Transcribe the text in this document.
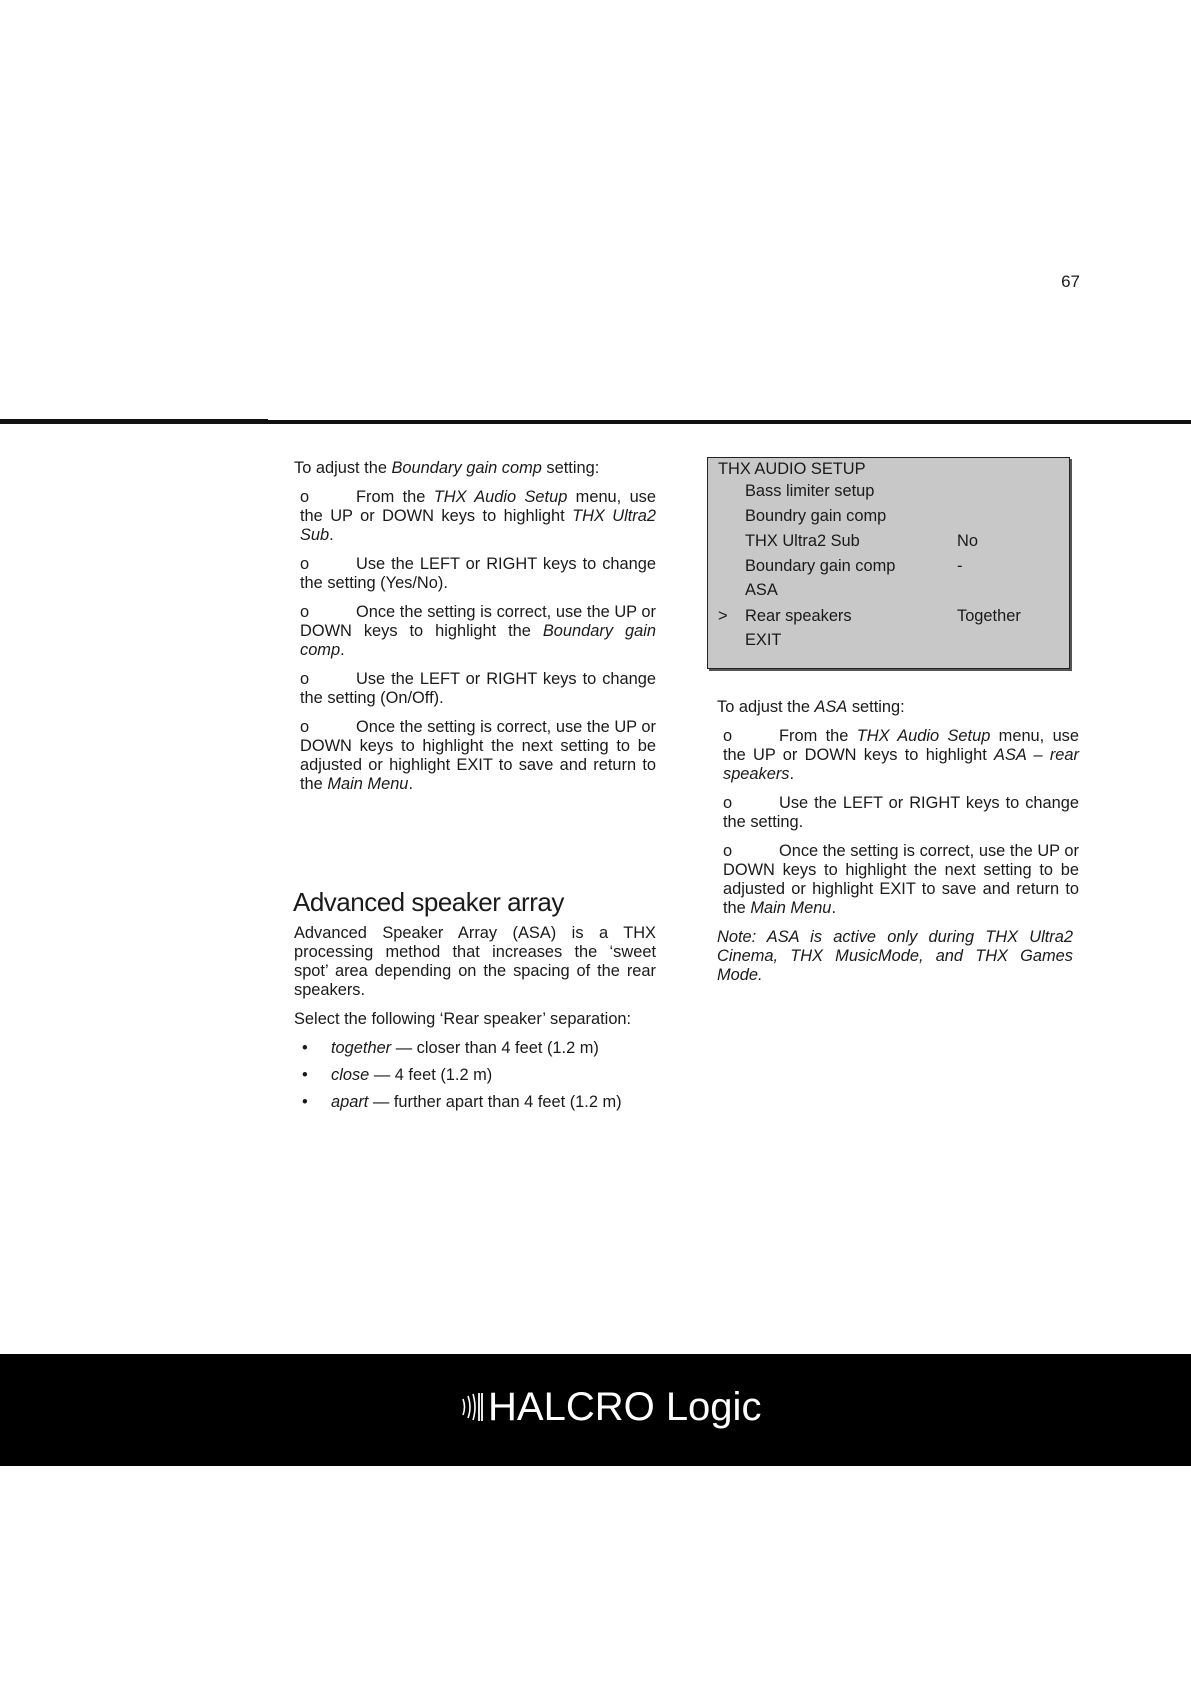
67

To adjust the Boundary gain comp setting:

o	From the THX Audio Setup menu, use the UP or DOWN keys to highlight THX Ultra2 Sub.

o	Use the LEFT or RIGHT keys to change the setting (Yes/No).

o	Once the setting is correct, use the UP or DOWN keys to highlight the Boundary gain comp.

o	Use the LEFT or RIGHT keys to change the setting (On/Off).

o	Once the setting is correct, use the UP or DOWN keys to highlight the next setting to be adjusted or highlight EXIT to save and return to the Main Menu.

Advanced speaker array

Advanced Speaker Array (ASA) is a THX processing method that increases the ‘sweet spot’ area depending on the spacing of the rear speakers.

Select the following ‘Rear speaker’ separation:

• together — closer than 4 feet (1.2 m)
• close — 4 feet (1.2 m)
• apart — further apart than 4 feet (1.2 m)
THX AUDIO SETUP
Bass limiter setup
Boundry gain comp
THX Ultra2 Sub	No
Boundary gain comp	-
ASA
> Rear speakers	Together
EXIT

To adjust the ASA setting:

o	From the THX Audio Setup menu, use the UP or DOWN keys to highlight ASA – rear speakers.

o	Use the LEFT or RIGHT keys to change the setting.

o	Once the setting is correct, use the UP or DOWN keys to highlight the next setting to be adjusted or highlight EXIT to save and return to the Main Menu.

Note: ASA is active only during THX Ultra2 Cinema, THX MusicMode, and THX Games Mode.

HALCRO Logic
